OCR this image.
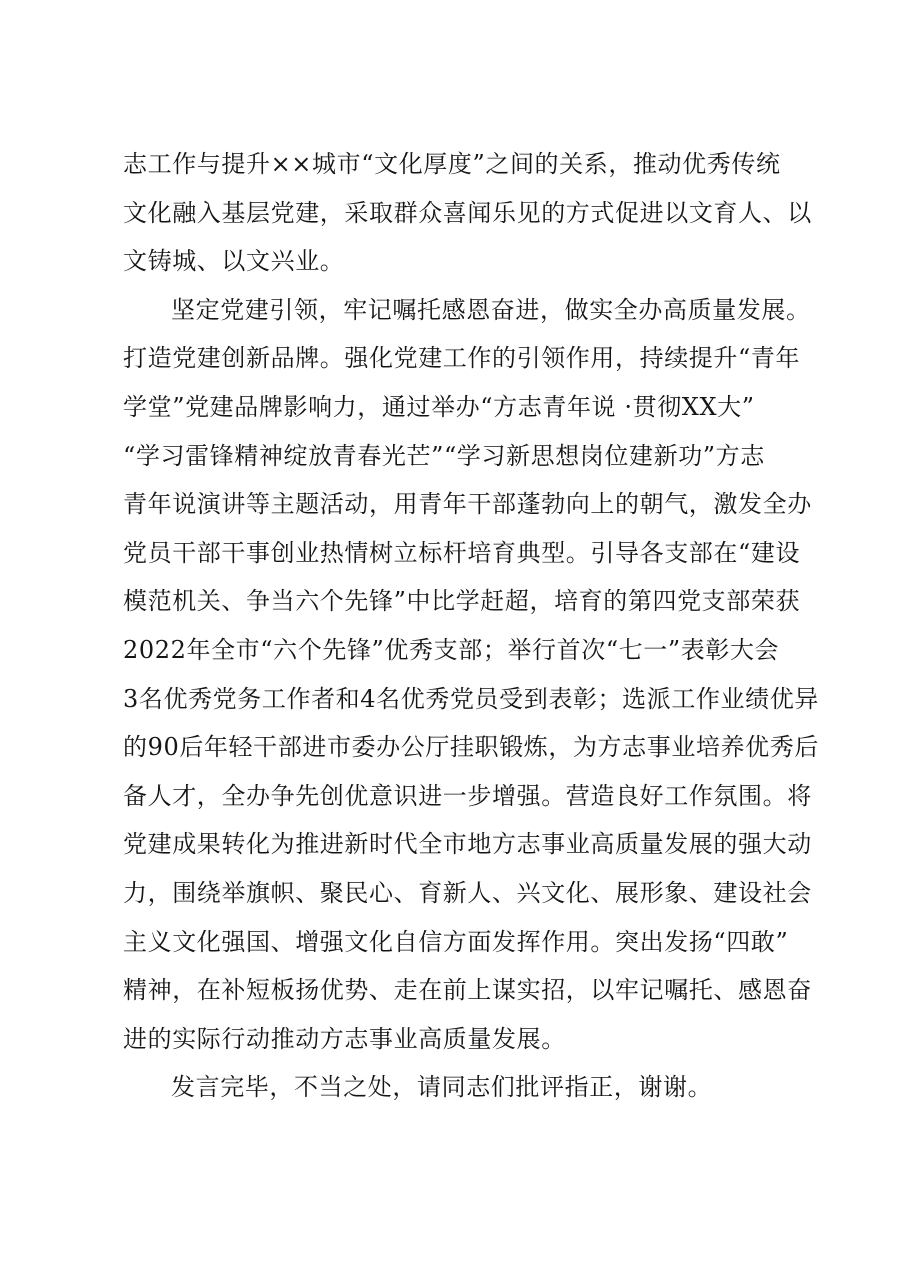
志工作与提升××城市“文化厚度”之间的关系，推动优秀传统
文化融入基层党建，采取群众喜闻乐见的方式促进以文育人、以
文铸城、以文兴业。
坚定党建引领，牢记嘱托感恩奋进，做实全办高质量发展。
打造党建创新品牌。强化党建工作的引领作用，持续提升“青年
学堂”党建品牌影响力，通过举办“方志青年说 ·贯彻XX大”
“学习雷锋精神绽放青春光芒”“学习新思想岗位建新功”方志
青年说演讲等主题活动，用青年干部蓬勃向上的朝气，激发全办
党员干部干事创业热情树立标杆培育典型。引导各支部在“建设
模范机关、争当六个先锋”中比学赶超，培育的第四党支部荣获
2022年全市“六个先锋”优秀支部；举行首次“七一”表彰大会
3名优秀党务工作者和4名优秀党员受到表彰；选派工作业绩优异
的90后年轻干部进市委办公厅挂职锻炼，为方志事业培养优秀后
备人才，全办争先创优意识进一步增强。营造良好工作氛围。将
党建成果转化为推进新时代全市地方志事业高质量发展的强大动
力，围绕举旗帜、聚民心、育新人、兴文化、展形象、建设社会
主义文化强国、增强文化自信方面发挥作用。突出发扬“四敢”
精神，在补短板扬优势、走在前上谋实招，以牢记嘱托、感恩奋
进的实际行动推动方志事业高质量发展。
发言完毕，不当之处，请同志们批评指正，谢谢。
